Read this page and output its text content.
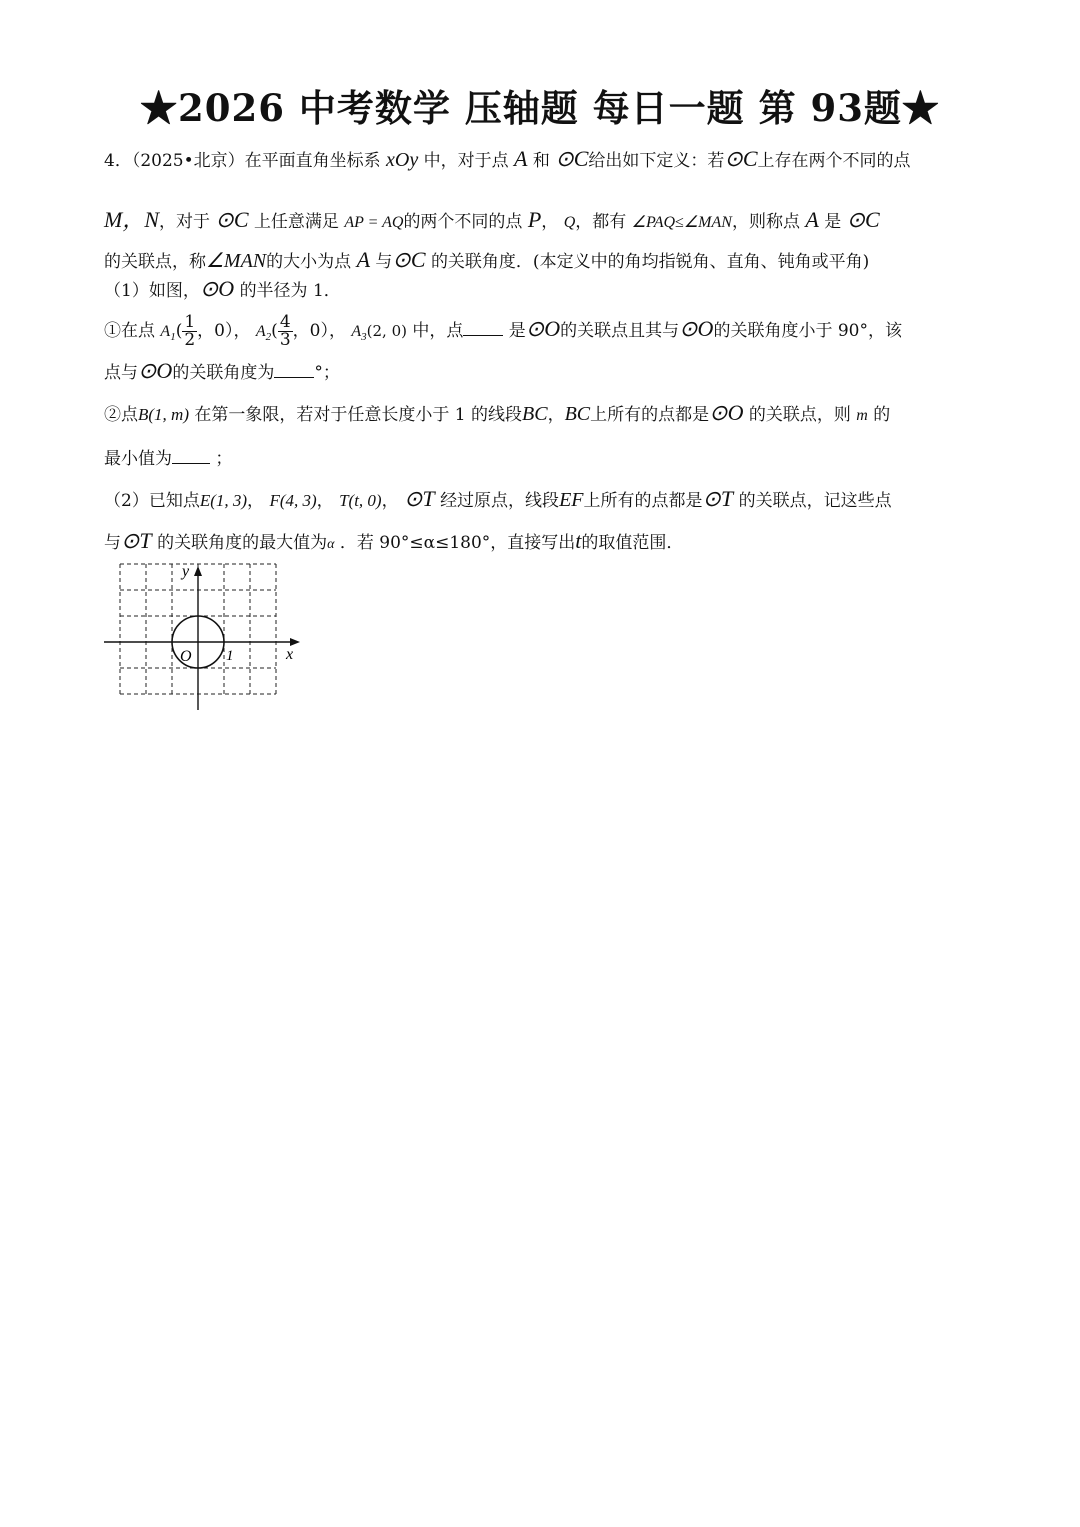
★2026 中考数学 压轴题 每日一题 第 93题★
4．（2025•北京）在平面直角坐标系 xOy 中，对于点 A 和 ⊙C给出如下定义：若⊙C上存在两个不同的点
M，N，对于 ⊙C 上任意满足 AP = AQ的两个不同的点 P， Q，都有 ∠PAQ≤∠MAN，则称点 A 是 ⊙C
的关联点，称∠MAN的大小为点 A 与⊙C 的关联角度．(本定义中的角均指锐角、直角、钝角或平角)
（1）如图，⊙O 的半径为 1．
①在点 $A_1( \frac{1}{2}$ ，0）， $A_2( \frac{4}{3}$ ，0）， $A_3(2$, 0) 中，点	是⊙O的关联点且其与⊙O的关联角度小于 90°，该
点与⊙O的关联角度为 °；
②点B(1, m) 在第一象限，若对于任意长度小于 1 的线段BC，BC上所有的点都是⊙O 的关联点，则 m 的
最小值为	；
（2）已知点E(1, 3)， F(4, 3)， T(t, 0)， ⊙T 经过原点，线段EF上所有的点都是⊙T 的关联点，记这些点
与⊙T 的关联角度的最大值为α ．若 90°≤α≤180°，直接写出t的取值范围．
x
y
O 1
